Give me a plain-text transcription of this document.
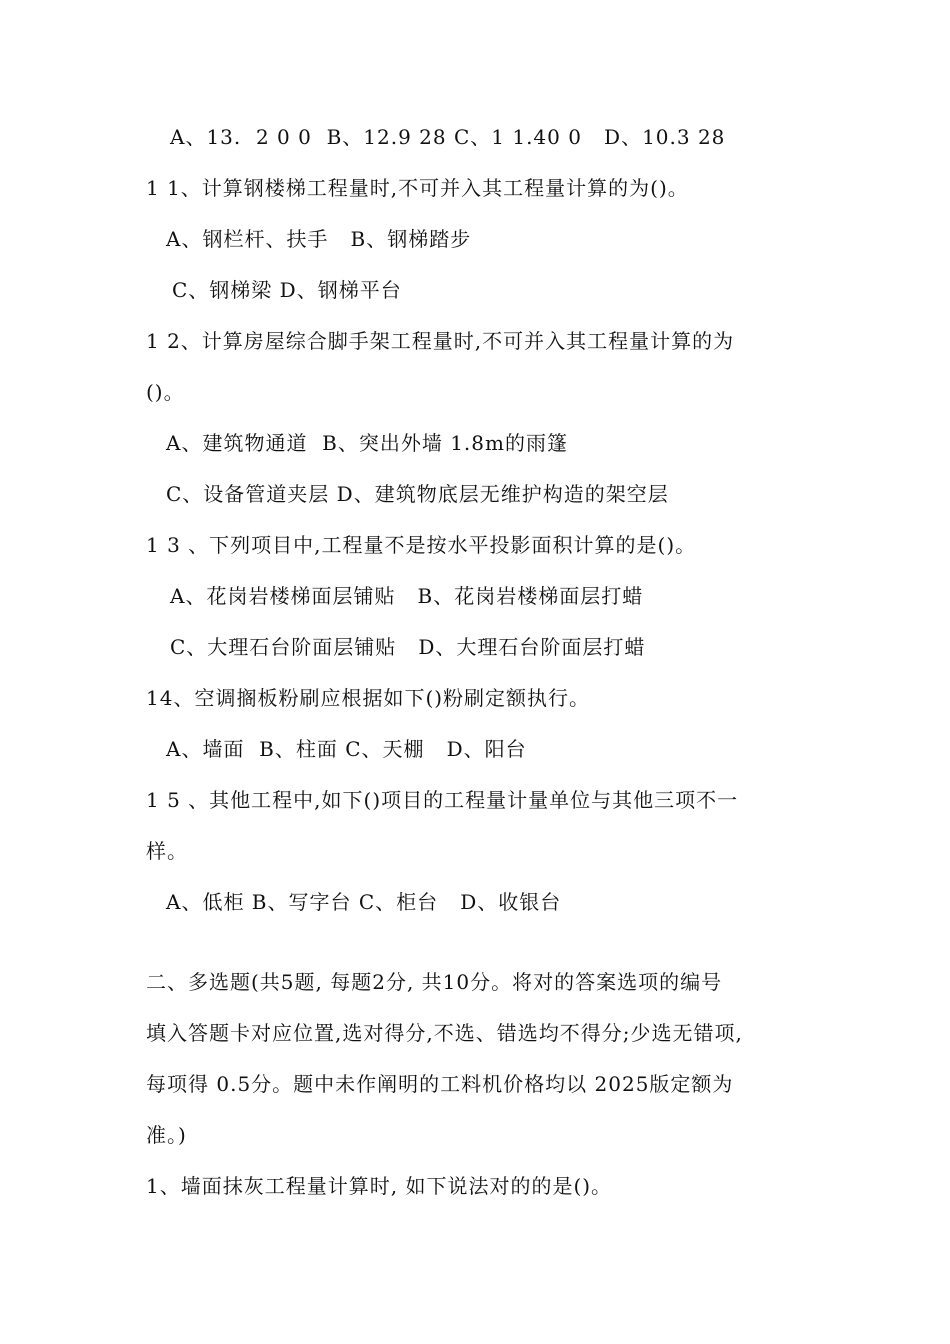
A、13.  2 0 0  B、12.9 28 C、1 1.40 0   D、10.3 28
1 1、计算钢楼梯工程量时,不可并入其工程量计算的为()。
A、钢栏杆、扶手   B、钢梯踏步
C、钢梯梁 D、钢梯平台
1 2、计算房屋综合脚手架工程量时,不可并入其工程量计算的为
()。
A、建筑物通道  B、突出外墙 1.8m的雨篷
C、设备管道夹层 D、建筑物底层无维护构造的架空层
1 3 、下列项目中,工程量不是按水平投影面积计算的是()。
A、花岗岩楼梯面层铺贴   B、花岗岩楼梯面层打蜡
C、大理石台阶面层铺贴   D、大理石台阶面层打蜡
14、空调搁板粉刷应根据如下()粉刷定额执行。
A、墙面  B、柱面 C、天棚   D、阳台
1 5 、其他工程中,如下()项目的工程量计量单位与其他三项不一
样。
A、低柜 B、写字台 C、柜台   D、收银台
二、多选题(共5题, 每题2分, 共10分。将对的答案选项的编号
填入答题卡对应位置,选对得分,不选、错选均不得分;少选无错项,
每项得 0.5分。题中未作阐明的工料机价格均以 2025版定额为
准。)
1、墙面抹灰工程量计算时, 如下说法对的的是()。
